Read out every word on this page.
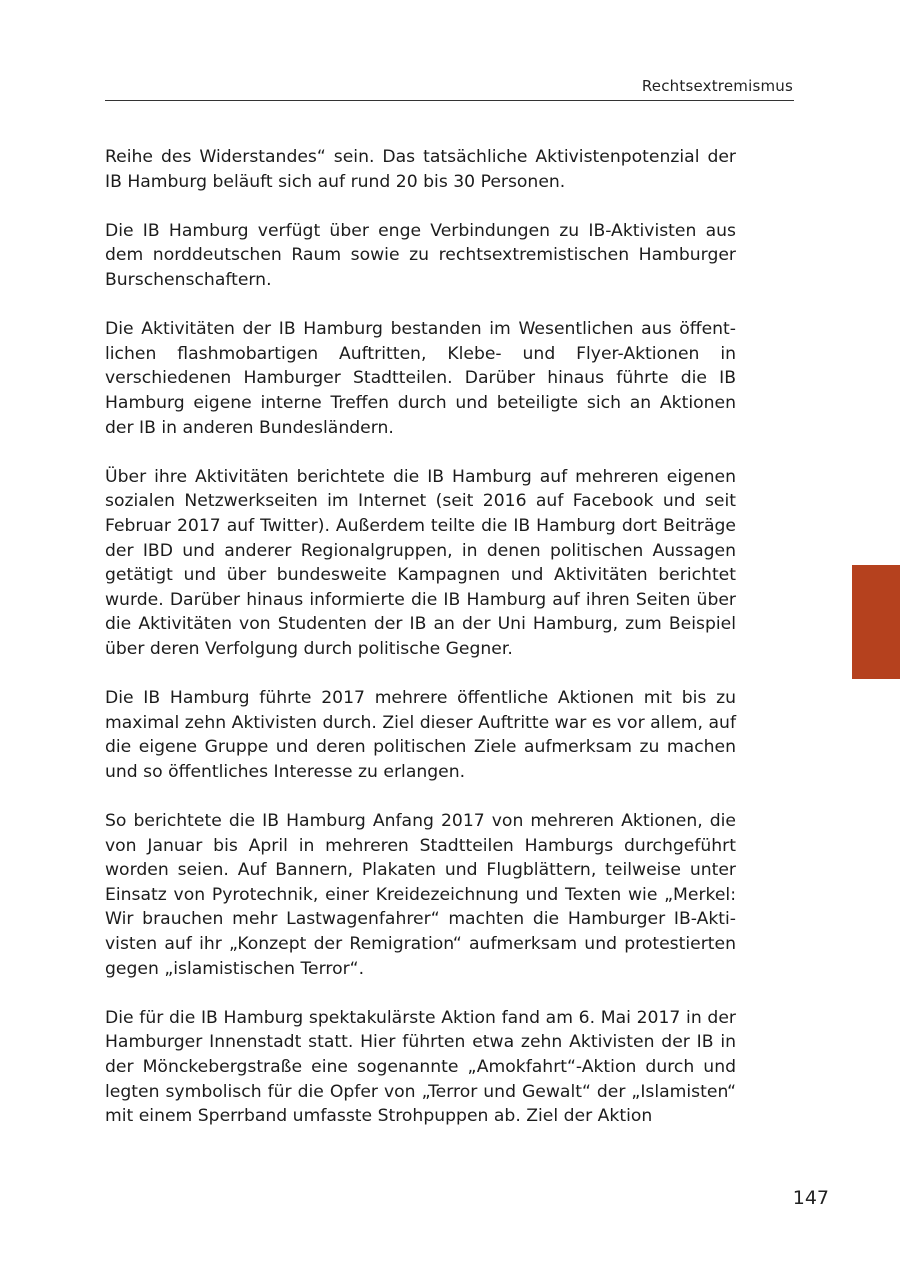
Rechtsextremismus

Reihe des Widerstandes“ sein. Das tatsächliche Aktivistenpotenzial der IB Hamburg beläuft sich auf rund 20 bis 30 Personen.

Die IB Hamburg verfügt über enge Verbindungen zu IB-Aktivisten aus dem norddeutschen Raum sowie zu rechtsextremistischen Hamburger Burschenschaftern.

Die Aktivitäten der IB Hamburg bestanden im Wesentlichen aus öffentlichen flashmobartigen Auftritten, Klebe- und Flyer-Aktionen in verschiedenen Hamburger Stadtteilen. Darüber hinaus führte die IB Hamburg eigene interne Treffen durch und beteiligte sich an Aktionen der IB in anderen Bundesländern.

Über ihre Aktivitäten berichtete die IB Hamburg auf mehreren eigenen sozialen Netzwerkseiten im Internet (seit 2016 auf Facebook und seit Februar 2017 auf Twitter). Außerdem teilte die IB Hamburg dort Beiträge der IBD und anderer Regionalgruppen, in denen politischen Aussagen getätigt und über bundesweite Kampagnen und Aktivitäten berichtet wurde. Darüber hinaus informierte die IB Hamburg auf ihren Seiten über die Aktivitäten von Studenten der IB an der Uni Hamburg, zum Beispiel über deren Verfolgung durch politische Gegner.

Die IB Hamburg führte 2017 mehrere öffentliche Aktionen mit bis zu maximal zehn Aktivisten durch. Ziel dieser Auftritte war es vor allem, auf die eigene Gruppe und deren politischen Ziele aufmerksam zu machen und so öffentliches Interesse zu erlangen.

So berichtete die IB Hamburg Anfang 2017 von mehreren Aktionen, die von Januar bis April in mehreren Stadtteilen Hamburgs durchgeführt worden seien. Auf Bannern, Plakaten und Flugblättern, teilweise unter Einsatz von Pyrotechnik, einer Kreidezeichnung und Texten wie „Merkel: Wir brauchen mehr Lastwagenfahrer“ machten die Hamburger IB-Aktivisten auf ihr „Konzept der Remigration“ aufmerksam und protestierten gegen „islamistischen Terror“.

Die für die IB Hamburg spektakulärste Aktion fand am 6. Mai 2017 in der Hamburger Innenstadt statt. Hier führten etwa zehn Aktivisten der IB in der Mönckebergstraße eine sogenannte „Amokfahrt“-Aktion durch und legten symbolisch für die Opfer von „Terror und Gewalt“ der „Islamisten“ mit einem Sperrband umfasste Strohpuppen ab. Ziel der Aktion

147
